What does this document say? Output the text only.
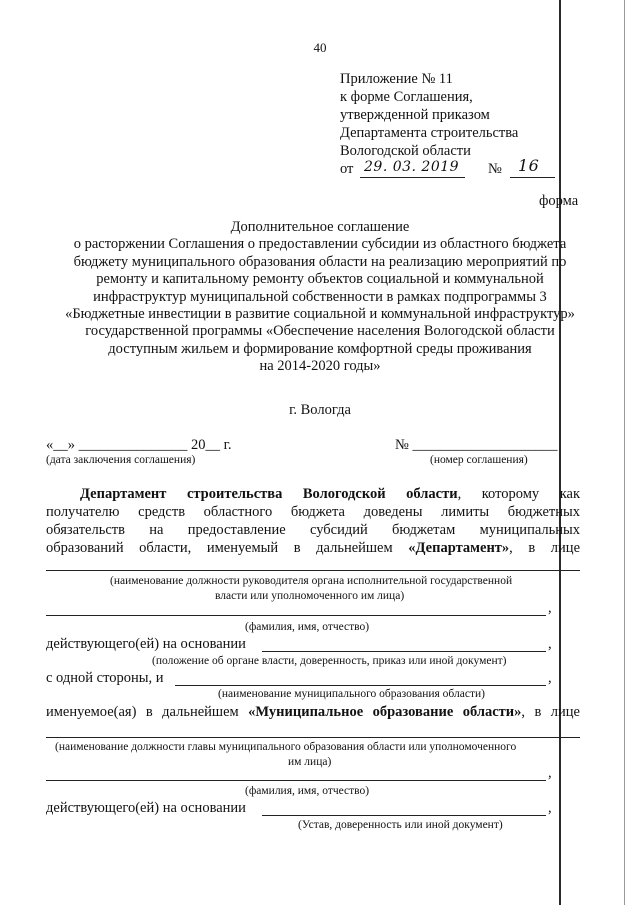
40
Приложение № 11
к форме Соглашения,
утвержденной приказом
Департамента строительства
Вологодской области
от 29. 03. 2019 № 16
форма
Дополнительное соглашение
о расторжении Соглашения о предоставлении субсидии из областного бюджета
бюджету муниципального образования области на реализацию мероприятий по
ремонту и капитальному ремонту объектов социальной и коммунальной
инфраструктур муниципальной собственности в рамках подпрограммы 3
«Бюджетные инвестиции в развитие социальной и коммунальной инфраструктур»
государственной программы «Обеспечение населения Вологодской области
доступным жильем и формирование комфортной среды проживания
на 2014-2020 годы»
г. Вологда
«__» _______________ 20__ г.
(дата заключения соглашения)
№ ____________________
(номер соглашения)
Департамент строительства Вологодской области, которому как
получателю средств областного бюджета доведены лимиты бюджетных
обязательств на предоставление субсидий бюджетам муниципальных
образований области, именуемый в дальнейшем «Департамент», в лице
(наименование должности руководителя органа исполнительной государственной
власти или уполномоченного им лица)
,
(фамилия, имя, отчество)
действующего(ей) на основании	,
(положение об органе власти, доверенность, приказ или иной документ)
с одной стороны, и	,
(наименование муниципального образования области)
именуемое(ая) в дальнейшем «Муниципальное образование области», в лице
(наименование должности главы муниципального образования области или уполномоченного
им лица)
,
(фамилия, имя, отчество)
действующего(ей) на основании	,
(Устав, доверенность или иной документ)
